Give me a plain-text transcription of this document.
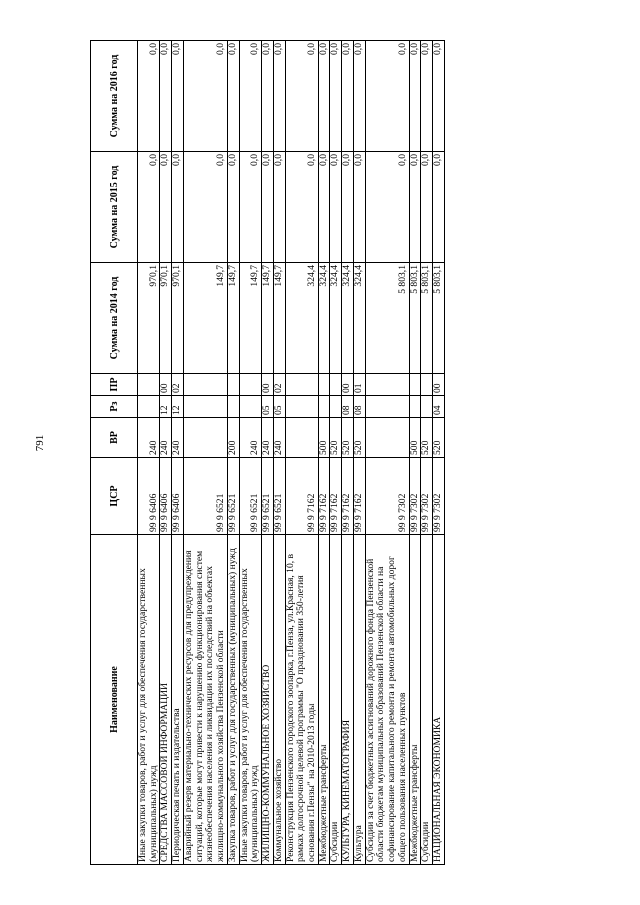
791
Наименование	ЦСР	ВР	Рз	ПР	Сумма на 2014 год	Сумма на 2015 год	Сумма на 2016 год
Иные закупки товаров, работ и услуг для обеспечения государственных (муниципальных) нужд	99 9 6406	240			970,1	0,0	0,0
СРЕДСТВА МАССОВОЙ ИНФОРМАЦИИ	99 9 6406	240	12	00	970,1	0,0	0,0
Периодическая печать и издательства	99 9 6406	240	12	02	970,1	0,0	0,0
Аварийный резерв материально-технических ресурсов для предупреждения ситуаций, которые могут привести к нарушению функционирования систем жизнеобеспечения населения и ликвидации их последствий на объектах жилищно-коммунального хозяйства Пензенской области	99 9 6521				149,7	0,0	0,0
Закупка товаров, работ и услуг для государственных (муниципальных) нужд	99 9 6521	200			149,7	0,0	0,0
Иные закупки товаров, работ и услуг для обеспечения государственных (муниципальных) нужд	99 9 6521	240			149,7	0,0	0,0
ЖИЛИЩНО-КОММУНАЛЬНОЕ ХОЗЯЙСТВО	99 9 6521	240	05	00	149,7	0,0	0,0
Коммунальное хозяйство	99 9 6521	240	05	02	149,7	0,0	0,0
Реконструкция Пензенского городского зоопарка, г.Пенза, ул.Красная, 10, в рамках долгосрочной целевой программы "О праздновании 350-летия основания г.Пензы" на 2010-2013 годы	99 9 7162				324,4	0,0	0,0
Межбюджетные трансферты	99 9 7162	500			324,4	0,0	0,0
Субсидии	99 9 7162	520			324,4	0,0	0,0
КУЛЬТУРА, КИНЕМАТОГРАФИЯ	99 9 7162	520	08	00	324,4	0,0	0,0
Культура	99 9 7162	520	08	01	324,4	0,0	0,0
Субсидии за счет бюджетных ассигнований дорожного фонда Пензенской области бюджетам муниципальных образований Пензенской области на софинансирование капитального ремонта и ремонта автомобильных дорог общего пользования населенных пунктов	99 9 7302				5 803,1	0,0	0,0
Межбюджетные трансферты	99 9 7302	500			5 803,1	0,0	0,0
Субсидии	99 9 7302	520			5 803,1	0,0	0,0
НАЦИОНАЛЬНАЯ ЭКОНОМИКА	99 9 7302	520	04	00	5 803,1	0,0	0,0
